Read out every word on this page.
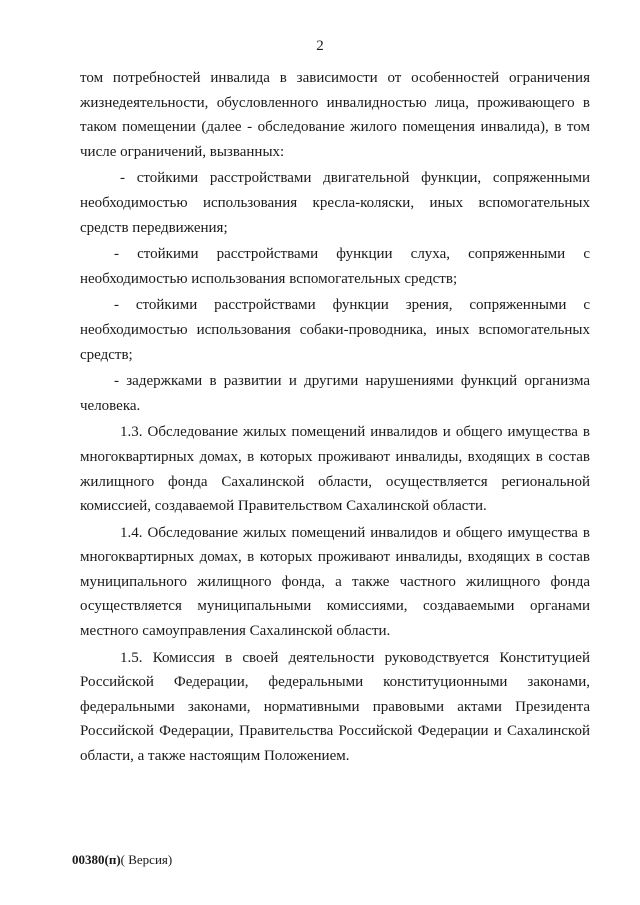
2

том потребностей инвалида в зависимости от особенностей ограничения жизнедеятельности, обусловленного инвалидностью лица, проживающего в таком помещении (далее - обследование жилого помещения инвалида), в том числе ограничений, вызванных:

- стойкими расстройствами двигательной функции, сопряженными необходимостью использования кресла-коляски, иных вспомогательных средств передвижения;

- стойкими расстройствами функции слуха, сопряженными с необходимостью использования вспомогательных средств;

- стойкими расстройствами функции зрения, сопряженными с необходимостью использования собаки-проводника, иных вспомогательных средств;

- задержками в развитии и другими нарушениями функций организма человека.

1.3. Обследование жилых помещений инвалидов и общего имущества в многоквартирных домах, в которых проживают инвалиды, входящих в состав жилищного фонда Сахалинской области, осуществляется региональной комиссией, создаваемой Правительством Сахалинской области.

1.4. Обследование жилых помещений инвалидов и общего имущества в многоквартирных домах, в которых проживают инвалиды, входящих в состав муниципального жилищного фонда, а также частного жилищного фонда осуществляется муниципальными комиссиями, создаваемыми органами местного самоуправления Сахалинской области.

1.5. Комиссия в своей деятельности руководствуется Конституцией Российской Федерации, федеральными конституционными законами, федеральными законами, нормативными правовыми актами Президента Российской Федерации, Правительства Российской Федерации и Сахалинской области, а также настоящим Положением.

00380(п)( Версия)
